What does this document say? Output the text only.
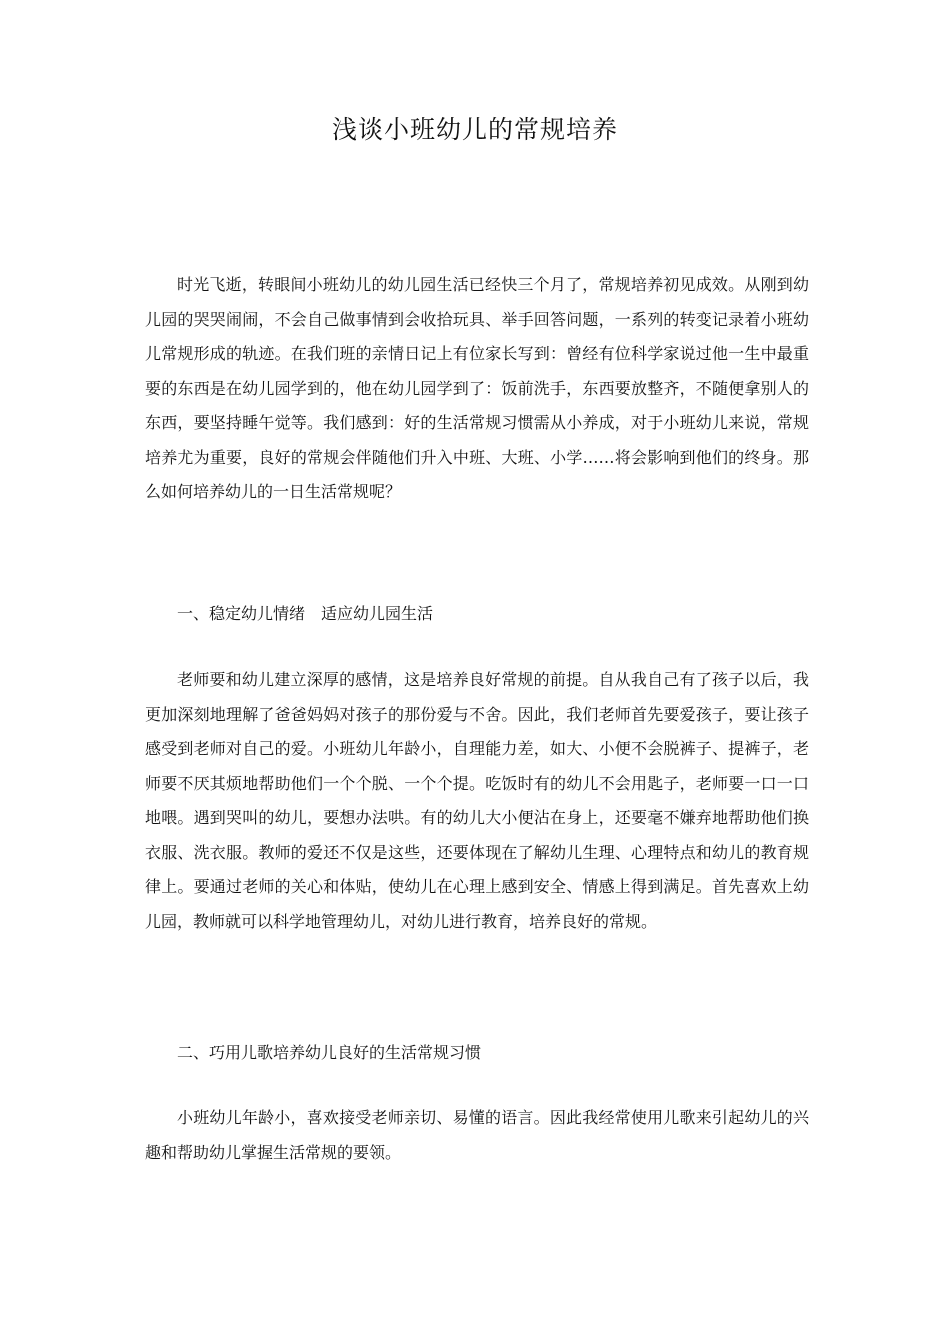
浅谈小班幼儿的常规培养

时光飞逝，转眼间小班幼儿的幼儿园生活已经快三个月了，常规培养初见成效。从刚到幼儿园的哭哭闹闹，不会自己做事情到会收拾玩具、举手回答问题，一系列的转变记录着小班幼儿常规形成的轨迹。在我们班的亲情日记上有位家长写到：曾经有位科学家说过他一生中最重要的东西是在幼儿园学到的，他在幼儿园学到了：饭前洗手，东西要放整齐，不随便拿别人的东西，要坚持睡午觉等。我们感到：好的生活常规习惯需从小养成，对于小班幼儿来说，常规培养尤为重要，良好的常规会伴随他们升入中班、大班、小学……将会影响到他们的终身。那么如何培养幼儿的一日生活常规呢？

一、稳定幼儿情绪　适应幼儿园生活

老师要和幼儿建立深厚的感情，这是培养良好常规的前提。自从我自己有了孩子以后，我更加深刻地理解了爸爸妈妈对孩子的那份爱与不舍。因此，我们老师首先要爱孩子，要让孩子感受到老师对自己的爱。小班幼儿年龄小，自理能力差，如大、小便不会脱裤子、提裤子，老师要不厌其烦地帮助他们一个个脱、一个个提。吃饭时有的幼儿不会用匙子，老师要一口一口地喂。遇到哭叫的幼儿，要想办法哄。有的幼儿大小便沾在身上，还要毫不嫌弃地帮助他们换衣服、洗衣服。教师的爱还不仅是这些，还要体现在了解幼儿生理、心理特点和幼儿的教育规律上。要通过老师的关心和体贴，使幼儿在心理上感到安全、情感上得到满足。首先喜欢上幼儿园，教师就可以科学地管理幼儿，对幼儿进行教育，培养良好的常规。

二、巧用儿歌培养幼儿良好的生活常规习惯

小班幼儿年龄小，喜欢接受老师亲切、易懂的语言。因此我经常使用儿歌来引起幼儿的兴趣和帮助幼儿掌握生活常规的要领。
